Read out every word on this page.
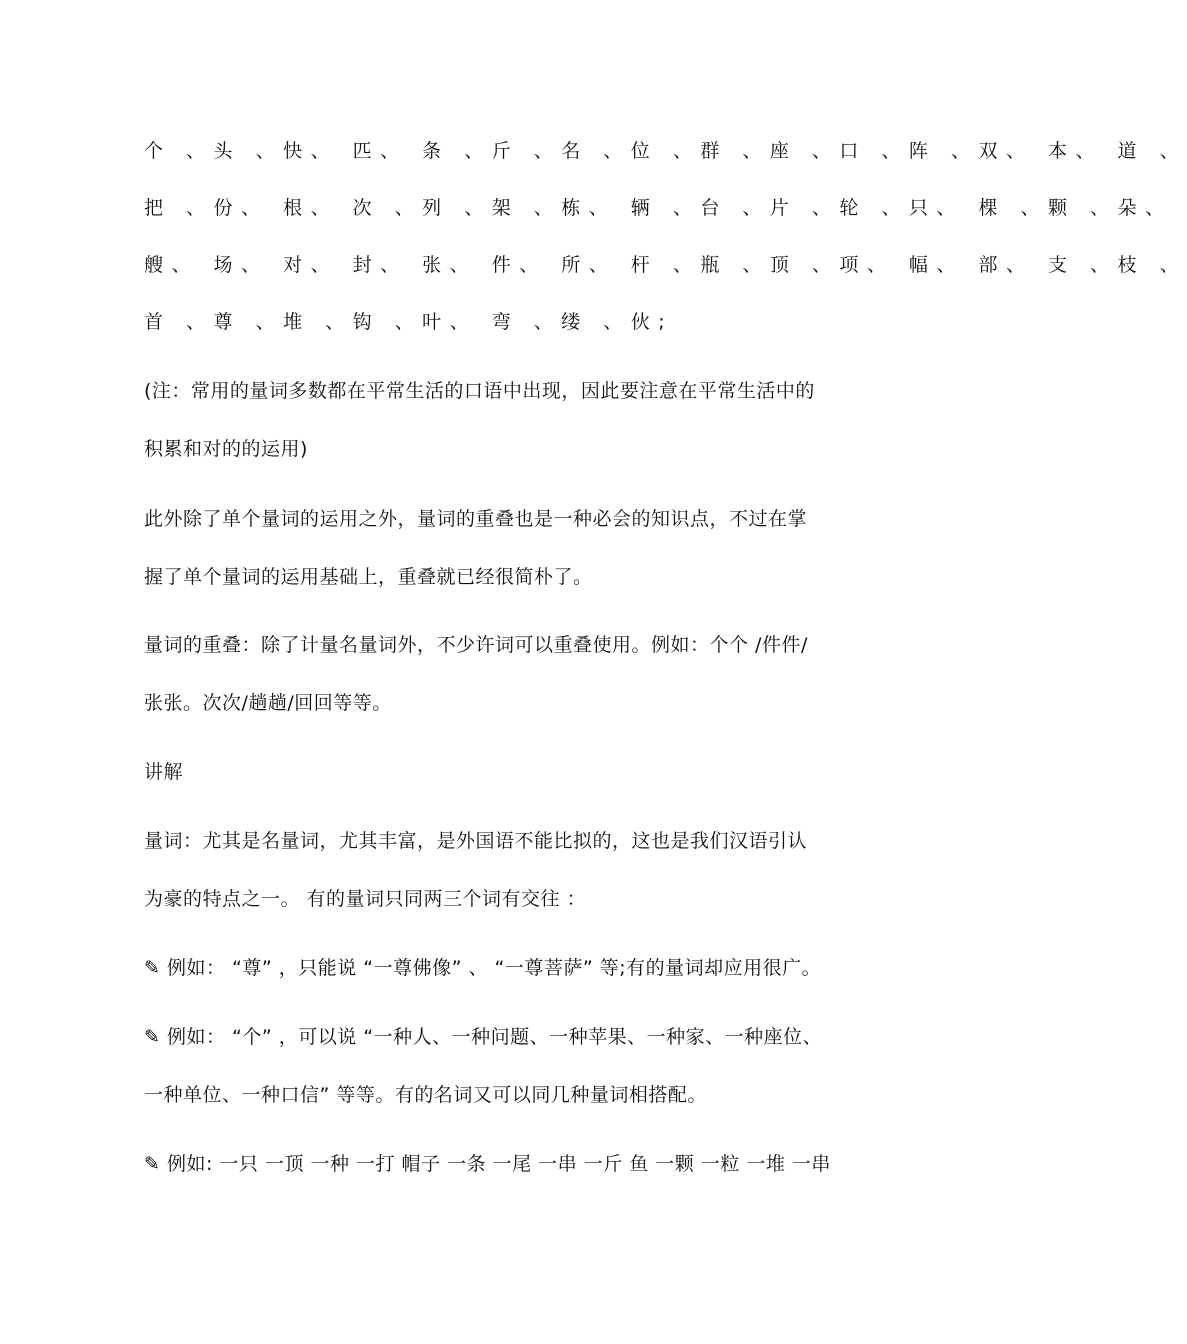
个 、头 、快、 匹、 条 、斤 、名 、位 、群 、座 、口 、阵 、双、 本、 道 、
把 、份、 根、 次 、列 、架 、栋、 辆 、台 、片 、轮 、只、 棵 、颗 、朵、
艘、 场、 对、 封、 张、 件、 所、 杆 、瓶 、顶 、项、 幅、 部、 支 、枝 、
首 、尊 、堆 、钩 、叶、 弯 、缕 、伙;
(注：常用的量词多数都在平常生活的口语中出现，因此要注意在平常生活中的
积累和对的的运用)
此外除了单个量词的运用之外，量词的重叠也是一种必会的知识点，不过在掌
握了单个量词的运用基础上，重叠就已经很简朴了。
量词的重叠：除了计量名量词外，不少许词可以重叠使用。例如：个个 /件件/
张张。次次/趟趟/回回等等。
讲解
量词：尤其是名量词，尤其丰富，是外国语不能比拟的，这也是我们汉语引认
为豪的特点之一。 有的量词只同两三个词有交往 ：
✎ 例如： “尊” ，只能说 “一尊佛像” 、 “一尊菩萨” 等;有的量词却应用很广。
✎ 例如： “个” ，可以说 “一种人、一种问题、一种苹果、一种家、一种座位、
一种单位、一种口信” 等等。有的名词又可以同几种量词相搭配。
✎ 例如: 一只 一顶 一种 一打 帽子 一条 一尾 一串 一斤 鱼 一颗 一粒 一堆 一串
